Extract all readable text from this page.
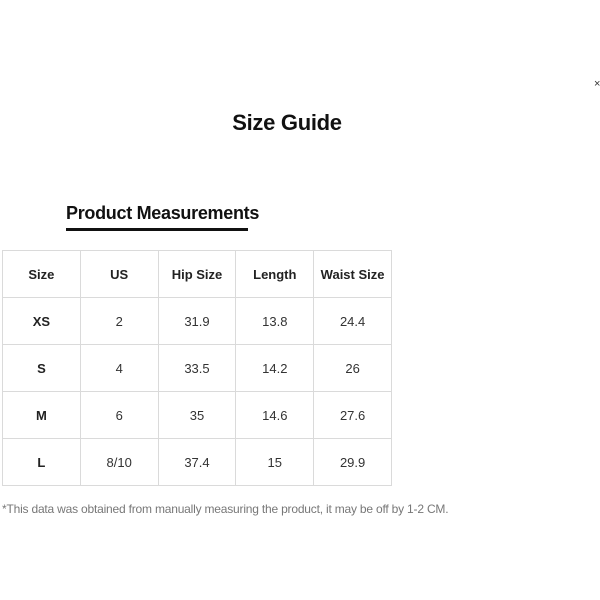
Size Guide
×
Product Measurements
Size	US	Hip Size	Length	Waist Size
XS	2	31.9	13.8	24.4
S	4	33.5	14.2	26
M	6	35	14.6	27.6
L	8/10	37.4	15	29.9
*This data was obtained from manually measuring the product, it may be off by 1-2 CM.
